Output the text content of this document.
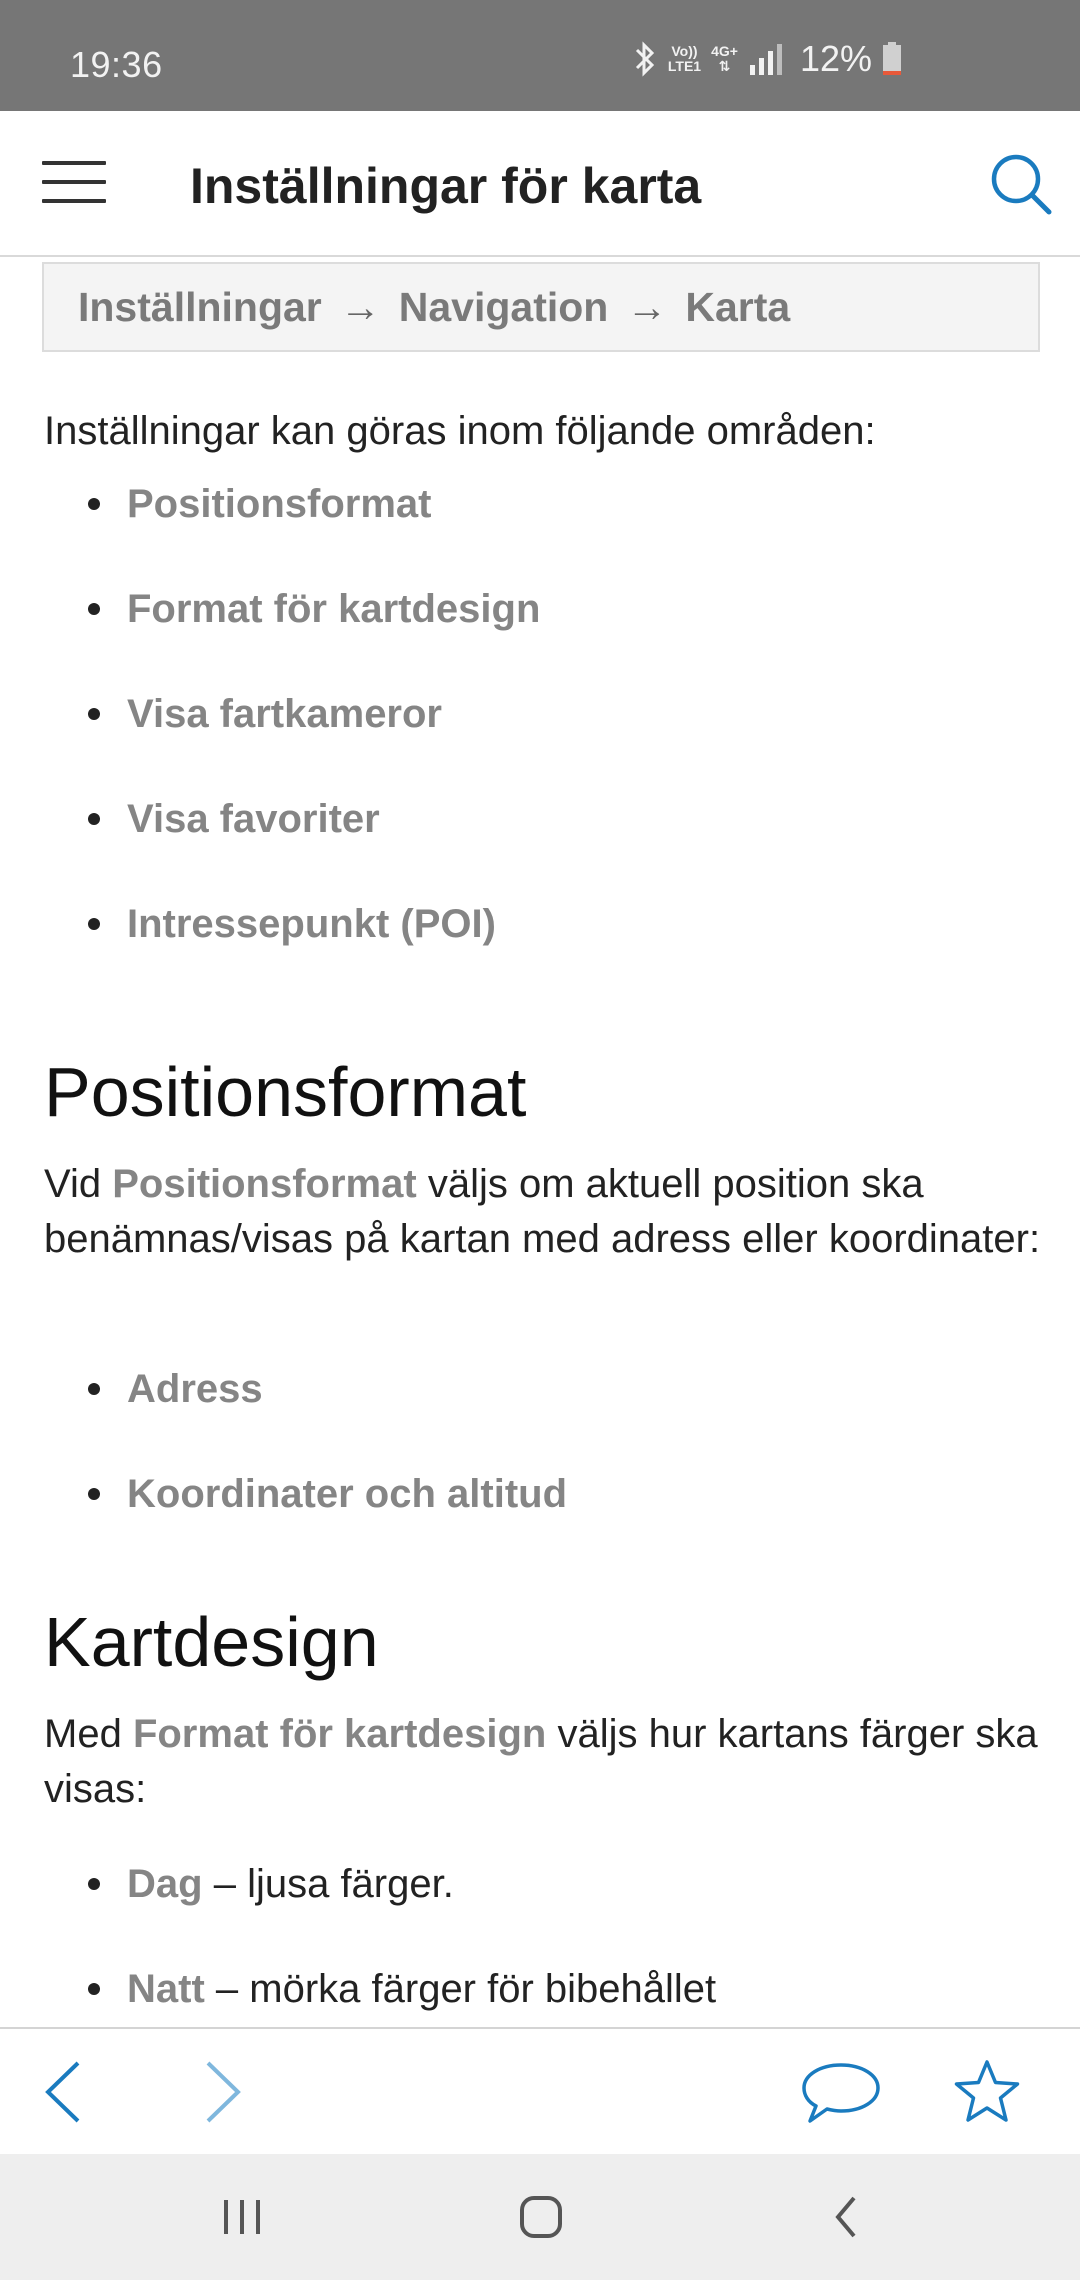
19:36	Vo))
LTE1
4G+
⇅ 12%
Inställningar för karta
Inställningar → Navigation → Karta
Inställningar kan göras inom följande områden:
Positionsformat
Format för kartdesign
Visa fartkameror
Visa favoriter
Intressepunkt (POI)
Positionsformat
Vid Positionsformat väljs om aktuell position ska benämnas/visas på kartan med adress eller koordinater:
Adress
Koordinater och altitud
Kartdesign
Med Format för kartdesign väljs hur kartans färger ska visas:
Dag – ljusa färger.
Natt – mörka färger för bibehållet
